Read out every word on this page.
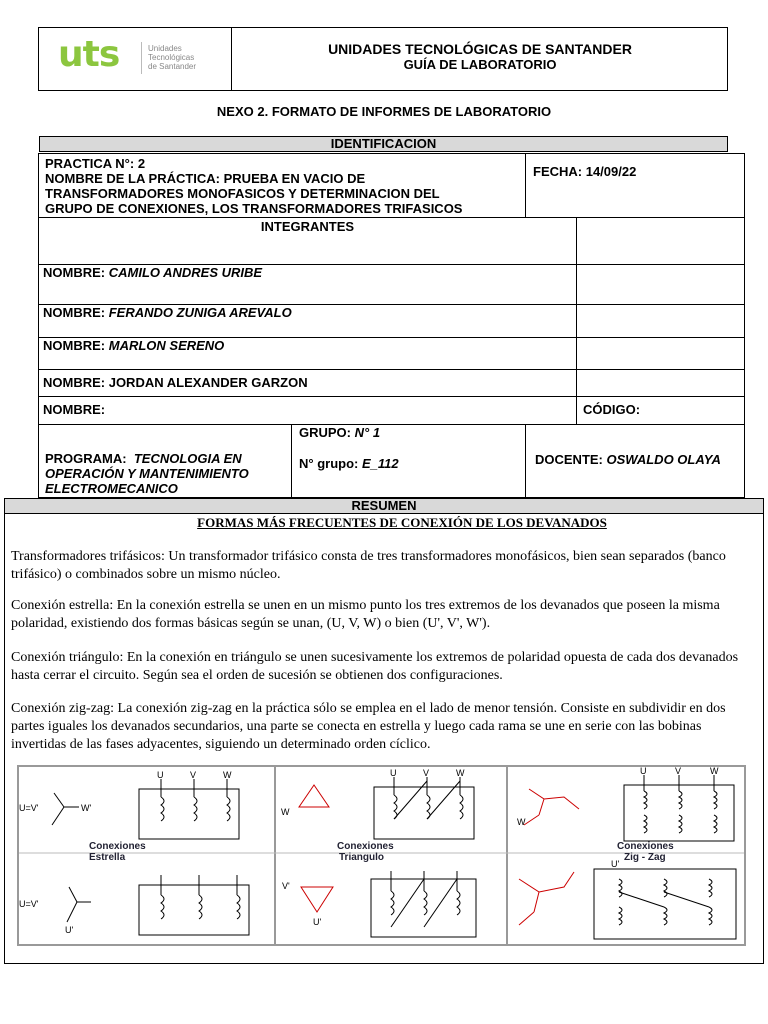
uts	Unidades
Tecnológicas
de Santander
UNIDADES TECNOLÓGICAS DE SANTANDER
GUÍA DE LABORATORIO
NEXO 2. FORMATO DE INFORMES DE LABORATORIO
IDENTIFICACION
PRACTICA N°: 2
NOMBRE DE LA PRÁCTICA: PRUEBA EN VACIO DE
TRANSFORMADORES MONOFASICOS Y DETERMINACION DEL
GRUPO DE CONEXIONES, LOS TRANSFORMADORES TRIFASICOS
FECHA: 14/09/22
INTEGRANTES
NOMBRE: CAMILO ANDRES URIBE
NOMBRE: FERANDO ZUNIGA AREVALO
NOMBRE: MARLON SERENO
NOMBRE: JORDAN ALEXANDER GARZON
NOMBRE:	CÓDIGO:
PROGRAMA: TECNOLOGIA EN
OPERACIÓN Y MANTENIMIENTO
ELECTROMECANICO
GRUPO: N° 1
N° grupo: E_112	DOCENTE: OSWALDO OLAYA
RESUMEN
FORMAS MÁS FRECUENTES DE CONEXIÓN DE LOS DEVANADOS
Transformadores trifásicos: Un transformador trifásico consta de tres transformadores monofásicos, bien sean separados (banco trifásico) o combinados sobre un mismo núcleo.
Conexión estrella: En la conexión estrella se unen en un mismo punto los tres extremos de los devanados que poseen la misma polaridad, existiendo dos formas básicas según se unan, (U, V, W) o bien (U', V', W').
Conexión triángulo: En la conexión en triángulo se unen sucesivamente los extremos de polaridad opuesta de cada dos devanados hasta cerrar el circuito. Según sea el orden de sucesión se obtienen dos configuraciones.
Conexión zig-zag: La conexión zig-zag en la práctica sólo se emplea en el lado de menor tensión. Consiste en subdividir en dos partes iguales los devanados secundarios, una parte se conecta en estrella y luego cada rama se une en serie con las bobinas invertidas de las fases adyacentes, siguiendo un determinado orden cíclico.
U=V'	W'
U	V	W
Conexiones
Estrella
U=V'
U'
W
U	V	W
Conexiones
Triangulo
V'
U'
W
U	V	W
Conexiones
Zig - Zag
U'
